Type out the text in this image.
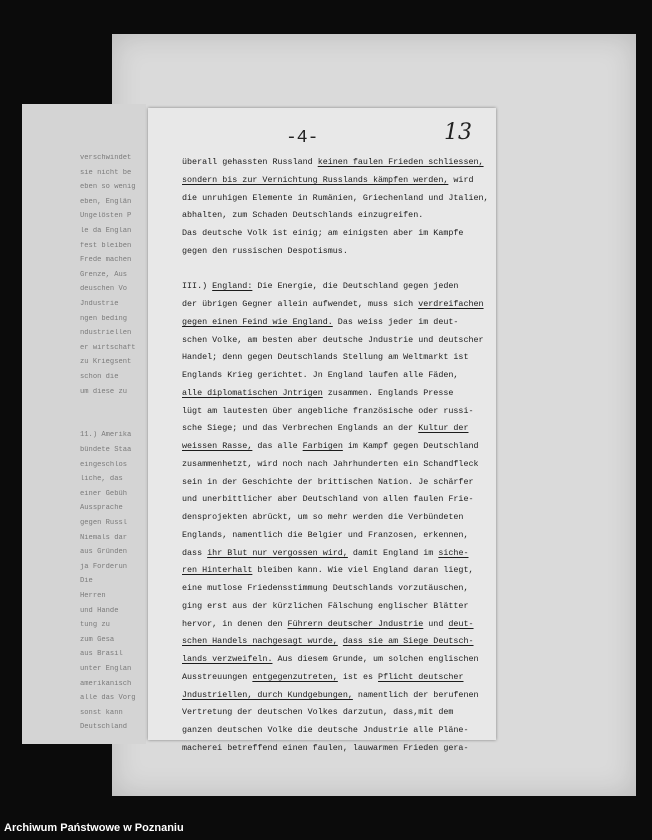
verschwindet
sie nicht be
eben so wenig
eben, Englän
Ungelösten P
le da Englan
fest bleiben
Frede machen
Grenze, Aus
deuschen Vo
Jndustrie
ngen beding
ndustriellen
er wirtschaft
zu Kriegsent
schon die
um diese zu
11.) Amerika
bündete Staa
eingeschlos
liche, das
einer Gebüh
Aussprache
gegen Russl
Niemals dar
aus Gründen
ja Forderun
Die
Herren
und Hande
tung zu
zum Gesa
aus Brasil
unter Englan
amerikanisch
alle das Vorg
sonst kann
Deutschland
-4-	13
überall gehassten Russland keinen faulen Frieden schliessen,
sondern bis zur Vernichtung Russlands kämpfen werden, wird
die unruhigen Elemente in Rumänien, Griechenland und Jtalien,
abhalten, zum Schaden Deutschlands einzugreifen.
Das deutsche Volk ist einig; am einigsten aber im Kampfe
gegen den russischen Despotismus.
III.) England: Die Energie, die Deutschland gegen jeden
der übrigen Gegner allein aufwendet, muss sich verdreifachen
gegen einen Feind wie England. Das weiss jeder im deut-
schen Volke, am besten aber deutsche Jndustrie und deutscher
Handel; denn gegen Deutschlands Stellung am Weltmarkt ist
Englands Krieg gerichtet. Jn England laufen alle Fäden,
alle diplomatischen Jntrigen zusammen. Englands Presse
lügt am lautesten über angebliche französische oder russi-
sche Siege; und das Verbrechen Englands an der Kultur der
weissen Rasse, das alle Farbigen im Kampf gegen Deutschland
zusammenhetzt, wird noch nach Jahrhunderten ein Schandfleck
sein in der Geschichte der brittischen Nation. Je schärfer
und unerbittlicher aber Deutschland von allen faulen Frie-
densprojekten abrückt, um so mehr werden die Verbündeten
Englands, namentlich die Belgier und Franzosen, erkennen,
dass ihr Blut nur vergossen wird, damit England im siche-
ren Hinterhalt bleiben kann. Wie viel England daran liegt,
eine mutlose Friedensstimmung Deutschlands vorzutäuschen,
ging erst aus der kürzlichen Fälschung englischer Blätter
hervor, in denen den Führern deutscher Jndustrie und deut-
schen Handels nachgesagt wurde, dass sie am Siege Deutsch-
lands verzweifeln. Aus diesem Grunde, um solchen englischen
Ausstreuungen entgegenzutreten, ist es Pflicht deutscher
Jndustriellen, durch Kundgebungen, namentlich der berufenen
Vertretung der deutschen Volkes darzutun, dass,mit dem
ganzen deutschen Volke die deutsche Jndustrie alle Pläne-
macherei betreffend einen faulen, lauwarmen Frieden gera-
Archiwum Państwowe w Poznaniu
